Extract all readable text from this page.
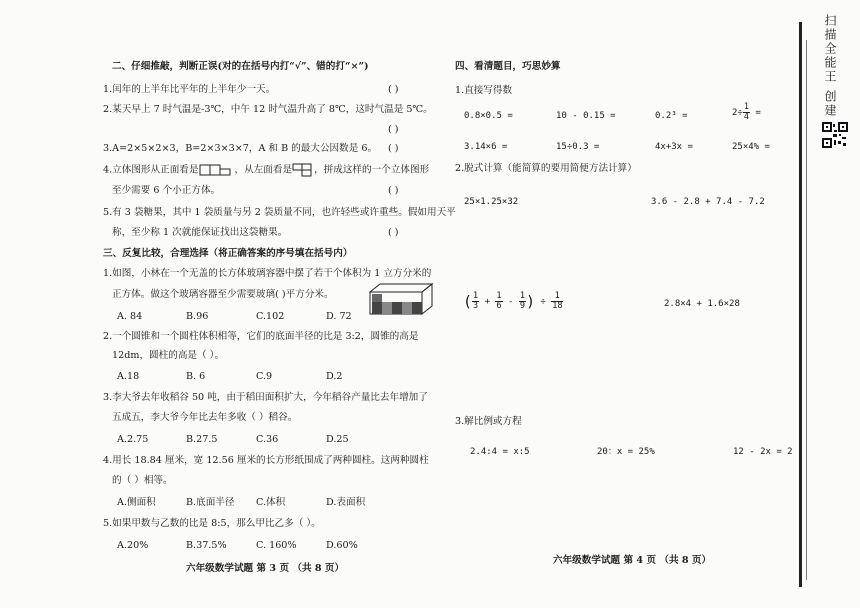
二、仔细推敲，判断正误(对的在括号内打“√”、错的打“×”)
1.闰年的上半年比平年的上半年少一天。	( )
2.某天早上 7 时气温是-3℃，中午 12 时气温升高了 8℃，这时气温是 5℃。
( )
3.A=2×5×2×3，B=2×3×3×7，A 和 B 的最大公因数是 6。 ( )
4.立体图形从正面看是	，从左面看是 ，拼成这样的一个立体图形
至少需要 6 个小正方体。	( )
5.有 3 袋糖果，其中 1 袋质量与另 2 袋质量不同，也许轻些或许重些。假如用天平
称，至少称 1 次就能保证找出这袋糖果。	( )
三、反复比较，合理选择（将正确答案的序号填在括号内）
1.如图，小林在一个无盖的长方体玻璃容器中摆了若干个体积为 1 立方分米的
正方体。做这个玻璃容器至少需要玻璃( )平方分米。
A. 84	B.96	C.102	D. 72
2.一个圆锥和一个圆柱体积相等，它们的底面半径的比是 3:2，圆锥的高是
12dm，圆柱的高是（ ）。
A.18	B. 6	C.9	D.2
3.李大爷去年收稻谷 50 吨，由于稻田面积扩大，今年稻谷产量比去年增加了
五成五，李大爷今年比去年多收（ ）稻谷。
A.2.75	B.27.5	C.36	D.25
4.用长 18.84 厘米，宽 12.56 厘米的长方形纸围成了两种圆柱。这两种圆柱
的（ ）相等。
A.侧面积	B.底面半径 C.体积	D.表面积
5.如果甲数与乙数的比是 8:5，那么甲比乙多（ ）。
A.20%	B.37.5%	C. 160%	D.60%
六年级数学试题 第 3 页 （共 8 页）
四、看清题目，巧思妙算
1.直接写得数
0.8×0.5 =	10 - 0.15 =	0.2³ =	$2\div \frac{1}{4}$ =
3.14×6 =	15÷0.3 =	4x+3x =	25×4% =
2.脱式计算（能简算的要用简便方法计算）
25×1.25×32	3.6 - 2.8 + 7.4 - 7.2
( $\frac{1}{3} + \frac{1}{6} - \frac{1}{9}$ ) ÷ $\frac{1}{18}$	2.8×4 + 1.6×28
3.解比例或方程
2.4:4 = x:5	20：x = 25%	12 - 2x = 2
六年级数学试题 第 4 页 （共 8 页）
扫描全能王 创建
